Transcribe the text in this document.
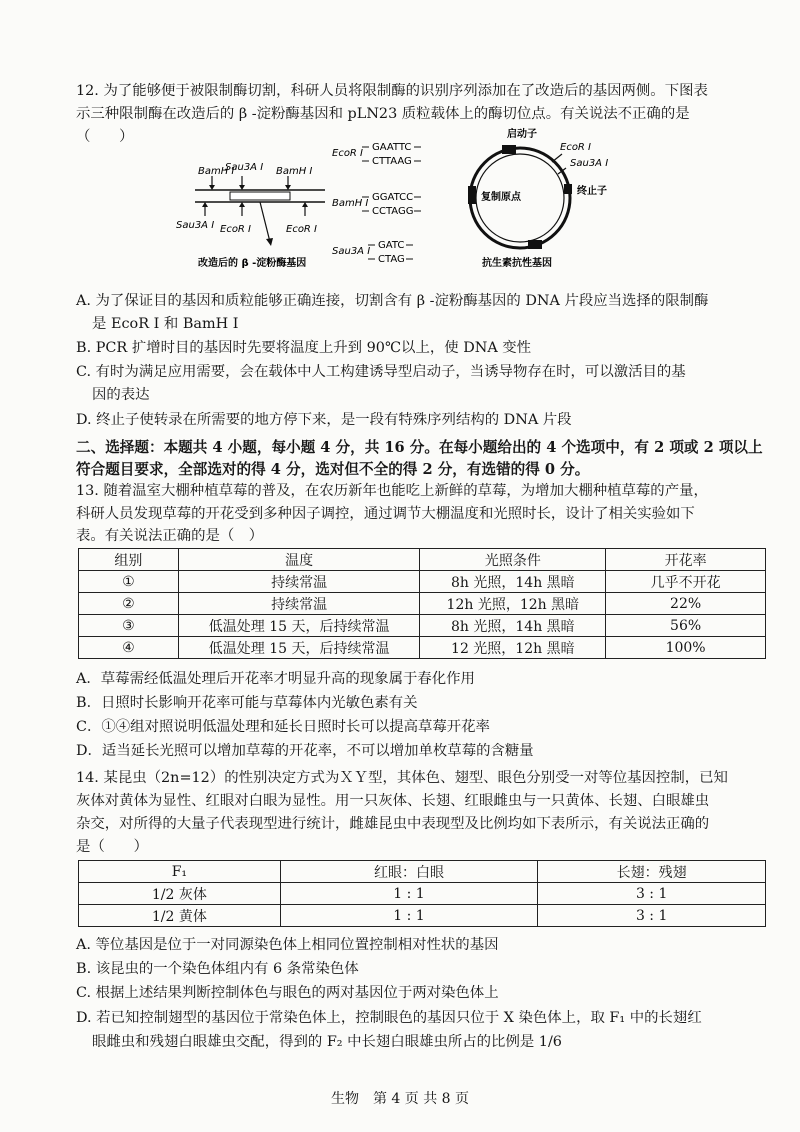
12. 为了能够便于被限制酶切割，科研人员将限制酶的识别序列添加在了改造后的基因两侧。下图表
示三种限制酶在改造后的 β -淀粉酶基因和 pLN23 质粒载体上的酶切位点。有关说法不正确的是
（　　）
BamH Ⅰ
Sau3A Ⅰ BamH Ⅰ
Sau3A Ⅰ EcoR Ⅰ	EcoR Ⅰ
改造后的 β -淀粉酶基因
EcoR Ⅰ
BamH Ⅰ
Sau3A Ⅰ
GAATTC
CTTAAG
GGATCC
CCTAGG
GATC
CTAG
启动子
EcoR Ⅰ
Sau3A Ⅰ
复制原点
终止子
抗生素抗性基因
A. 为了保证目的基因和质粒能够正确连接，切割含有 β -淀粉酶基因的 DNA 片段应当选择的限制酶
是 EcoR Ⅰ 和 BamH Ⅰ
B. PCR 扩增时目的基因时先要将温度上升到 90℃以上，使 DNA 变性
C. 有时为满足应用需要，会在载体中人工构建诱导型启动子，当诱导物存在时，可以激活目的基
因的表达
D. 终止子使转录在所需要的地方停下来，是一段有特殊序列结构的 DNA 片段
二、选择题：本题共 4 小题，每小题 4 分，共 16 分。在每小题给出的 4 个选项中，有 2 项或 2 项以上
符合题目要求，全部选对的得 4 分，选对但不全的得 2 分，有选错的得 0 分。
13. 随着温室大棚种植草莓的普及，在农历新年也能吃上新鲜的草莓，为增加大棚种植草莓的产量，
科研人员发现草莓的开花受到多种因子调控，通过调节大棚温度和光照时长，设计了相关实验如下
表。有关说法正确的是（　）
组别	温度	光照条件	开花率
①	持续常温	8h 光照，14h 黑暗	几乎不开花
②	持续常温	12h 光照，12h 黑暗	22%
③	低温处理 15 天，后持续常温	8h 光照，14h 黑暗	56%
④	低温处理 15 天，后持续常温	12 光照，12h 黑暗	100%
A．草莓需经低温处理后开花率才明显升高的现象属于春化作用
B．日照时长影响开花率可能与草莓体内光敏色素有关
C．①④组对照说明低温处理和延长日照时长可以提高草莓开花率
D．适当延长光照可以增加草莓的开花率，不可以增加单枚草莓的含糖量
14. 某昆虫（2n=12）的性别决定方式为ＸＹ型，其体色、翅型、眼色分别受一对等位基因控制，已知
灰体对黄体为显性、红眼对白眼为显性。用一只灰体、长翅、红眼雌虫与一只黄体、长翅、白眼雄虫
杂交，对所得的大量子代表现型进行统计，雌雄昆虫中表现型及比例均如下表所示，有关说法正确的
是（　　）
F₁	红眼：白眼	长翅：残翅
1/2 灰体	1 : 1	3 : 1
1/2 黄体	1 : 1	3 : 1
A. 等位基因是位于一对同源染色体上相同位置控制相对性状的基因
B. 该昆虫的一个染色体组内有 6 条常染色体
C. 根据上述结果判断控制体色与眼色的两对基因位于两对染色体上
D. 若已知控制翅型的基因位于常染色体上，控制眼色的基因只位于 X 染色体上，取 F₁ 中的长翅红
眼雌虫和残翅白眼雄虫交配，得到的 F₂ 中长翅白眼雄虫所占的比例是 1/6
生物　第 4 页 共 8 页
